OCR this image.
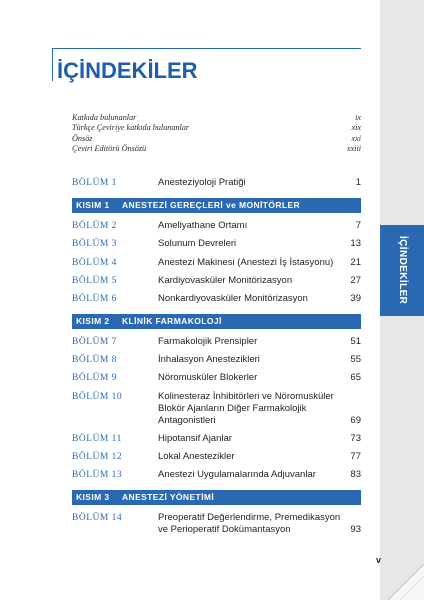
İÇİNDEKİLER
İÇİNDEKİLER
Katkıda bulunanlar	ix
Türkçe Çeviriye katkıda bulunanlar	xix
Önsöz	xxi
Çeviri Editörü Önsözü	xxiii
BÖLÜM 1	Anesteziyoloji Pratiği	1
KISIM 1	ANESTEZİ GEREÇLERİ ve MONİTÖRLER
BÖLÜM 2	Ameliyathane Ortamı	7
BÖLÜM 3	Solunum Devreleri	13
BÖLÜM 4	Anestezi Makinesi (Anestezi İş İstasyonu)	21
BÖLÜM 5	Kardiyovasküler Monitörizasyon	27
BÖLÜM 6	Nonkardiyovasküler Monitörizasyon	39
KISIM 2	KLİNİK FARMAKOLOJİ
BÖLÜM 7	Farmakolojik Prensipler	51
BÖLÜM 8	İnhalasyon Anestezikleri	55
BÖLÜM 9	Nöromusküler Blokerler	65
BÖLÜM 10	Kolinesteraz İnhibitörleri ve Nöromusküler Blokör Ajanların Diğer Farmakolojik Antagonistleri	69
BÖLÜM 11	Hipotansif Ajanlar	73
BÖLÜM 12	Lokal Anestezikler	77
BÖLÜM 13	Anestezi Uygulamalarında Adjuvanlar	83
KISIM 3	ANESTEZİ YÖNETİMİ
BÖLÜM 14	Preoperatif Değerlendirme, Premedikasyon ve Perioperatif Dokümantasyon	93
v
